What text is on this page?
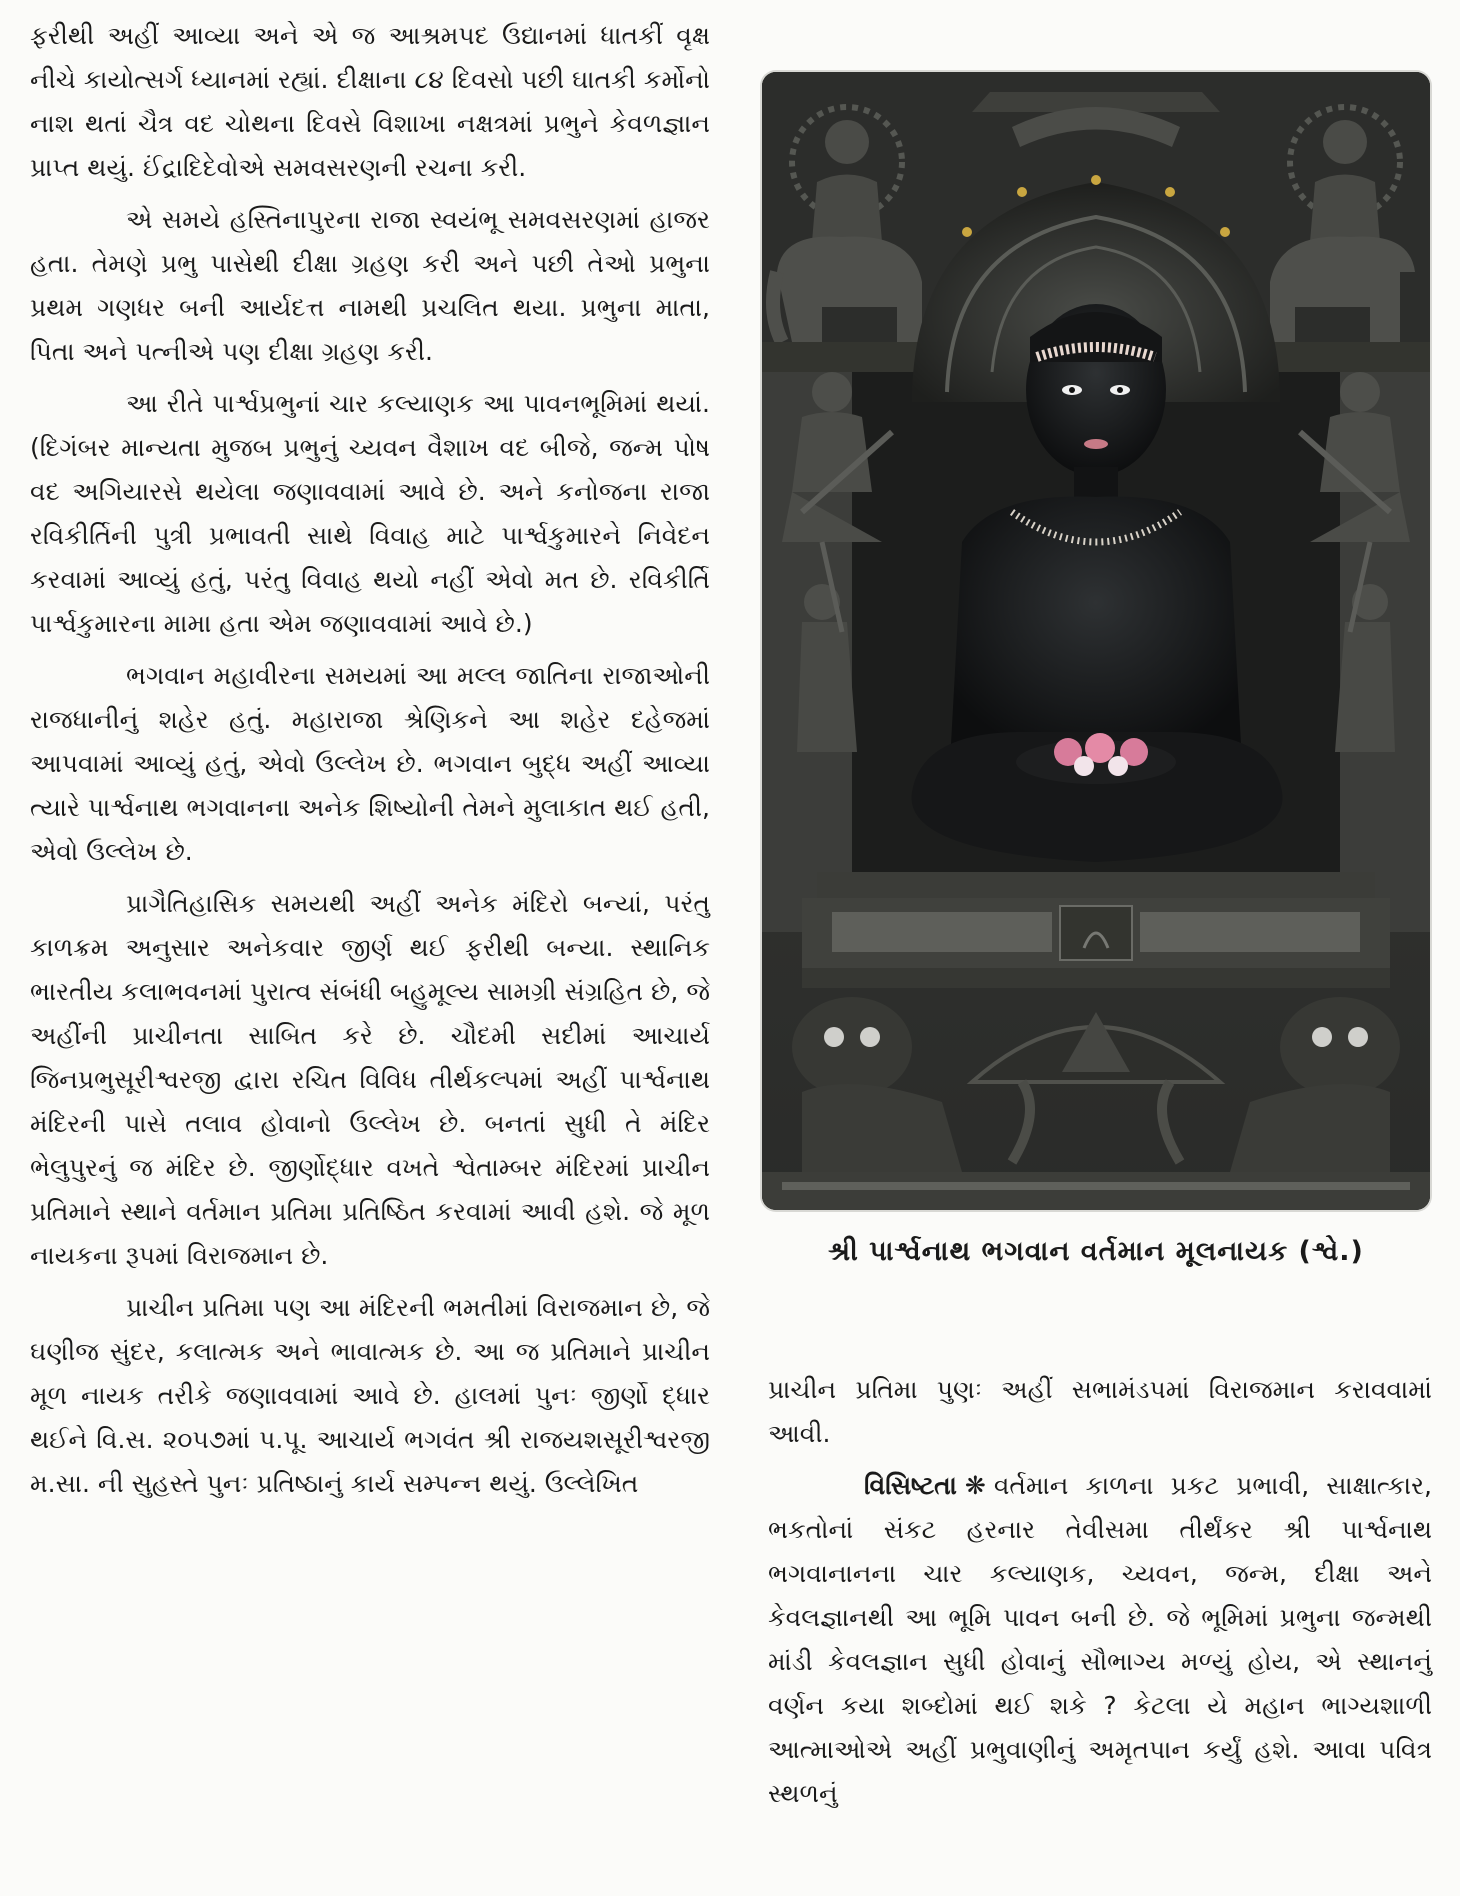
ફરીથી અહીં આવ્યા અને એ જ આશ્રમપદ ઉદ્યાનમાં ધાતકીં વૃક્ષ નીચે કાયોત્સર્ગ ધ્યાનમાં રહ્યાં. દીક્ષાના ૮૪ દિવસો પછી ઘાતકી કર્મોનો નાશ થતાં ચૈત્ર વદ ચોથના દિવસે વિશાખા નક્ષત્રમાં પ્રભુને કેવળજ્ઞાન પ્રાપ્ત થયું. ઈંદ્રાદિદેવોએ સમવસરણની રચના કરી.

એ સમયે હસ્તિનાપુરના રાજા સ્વયંભૂ સમવસરણમાં હાજર હતા. તેમણે પ્રભુ પાસેથી દીક્ષા ગ્રહણ કરી અને પછી તેઓ પ્રભુના પ્રથમ ગણધર બની આર્યદત્ત નામથી પ્રચલિત થયા. પ્રભુના માતા, પિતા અને પત્નીએ પણ દીક્ષા ગ્રહણ કરી.

આ રીતે પાર્શ્વપ્રભુનાં ચાર કલ્યાણક આ પાવનભૂમિમાં થયાં. (દિગંબર માન્યતા મુજબ પ્રભુનું ચ્યવન વૈશાખ વદ બીજે, જન્મ પોષ વદ અગિયારસે થયેલા જણાવવામાં આવે છે. અને કનોજના રાજા રવિકીર્તિની પુત્રી પ્રભાવતી સાથે વિવાહ માટે પાર્શ્વકુમારને નિવેદન કરવામાં આવ્યું હતું, પરંતુ વિવાહ થયો નહીં એવો મત છે. રવિકીર્તિ પાર્શ્વકુમારના મામા હતા એમ જણાવવામાં આવે છે.)

ભગવાન મહાવીરના સમયમાં આ મલ્લ જાતિના રાજાઓની રાજધાનીનું શહેર હતું. મહારાજા શ્રેણિકને આ શહેર દહેજમાં આપવામાં આવ્યું હતું, એવો ઉલ્લેખ છે. ભગવાન બુદ્ધ અહીં આવ્યા ત્યારે પાર્શ્વનાથ ભગવાનના અનેક શિષ્યોની તેમને મુલાકાત થઈ હતી, એવો ઉલ્લેખ છે.

પ્રાગૈતિહાસિક સમયથી અહીં અનેક મંદિરો બન્યાં, પરંતુ કાળક્રમ અનુસાર અનેકવાર જીર્ણ થઈ ફરીથી બન્યા. સ્થાનિક ભારતીય કલાભવનમાં પુરાત્વ સંબંધી બહુમૂલ્ય સામગ્રી સંગ્રહિત છે, જે અહીંની પ્રાચીનતા સાબિત કરે છે. ચૌદમી સદીમાં આચાર્ય જિનપ્રભુસૂરીશ્વરજી દ્વારા રચિત વિવિધ તીર્થકલ્પમાં અહીં પાર્શ્વનાથ મંદિરની પાસે તલાવ હોવાનો ઉલ્લેખ છે. બનતાં સુધી તે મંદિર ભેલુપુરનું જ મંદિર છે. જીર્ણોદ્ધાર વખતે શ્વેતામ્બર મંદિરમાં પ્રાચીન પ્રતિમાને સ્થાને વર્તમાન પ્રતિમા પ્રતિષ્ઠિત કરવામાં આવી હશે. જે મૂળ નાયકના રૂપમાં વિરાજમાન છે.

પ્રાચીન પ્રતિમા પણ આ મંદિરની ભમતીમાં વિરાજમાન છે, જે ઘણીજ સુંદર, કલાત્મક અને ભાવાત્મક છે. આ જ પ્રતિમાને પ્રાચીન મૂળ નાયક તરીકે જણાવવામાં આવે છે. હાલમાં પુનઃ જીર્ણો દ્ધાર થઈને વિ.સ. ૨૦૫૭માં પ.પૂ. આચાર્ય ભગવંત શ્રી રાજયશસૂરીશ્વરજી મ.સા. ની સુહસ્તે પુનઃ પ્રતિષ્ઠાનું કાર્ય સમ્પન્ન થયું. ઉલ્લેખિત

શ્રી પાર્શ્વનાથ ભગવાન વર્તમાન મૂલનાયક (શ્વે.)

પ્રાચીન પ્રતિમા પુણઃ અહીં સભામંડપમાં વિરાજમાન કરાવવામાં આવી.

વિસિષ્ટતા ❋ વર્તમાન કાળના પ્રકટ પ્રભાવી, સાક્ષાત્કાર, ભકતોનાં સંકટ હરનાર તેવીસમા તીર્થંકર શ્રી પાર્શ્વનાથ ભગવાનાનના ચાર કલ્યાણક, ચ્યવન, જન્મ, દીક્ષા અને કેવલજ્ઞાનથી આ ભૂમિ પાવન બની છે. જે ભૂમિમાં પ્રભુના જન્મથી માંડી કેવલજ્ઞાન સુધી હોવાનું સૌભાગ્ય મળ્યું હોય, એ સ્થાનનું વર્ણન કયા શબ્દોમાં થઈ શકે ? કેટલા યે મહાન ભાગ્યશાળી આત્માઓએ અહીં પ્રભુવાણીનું અમૃતપાન કર્યું હશે. આવા પવિત્ર સ્થળનું
